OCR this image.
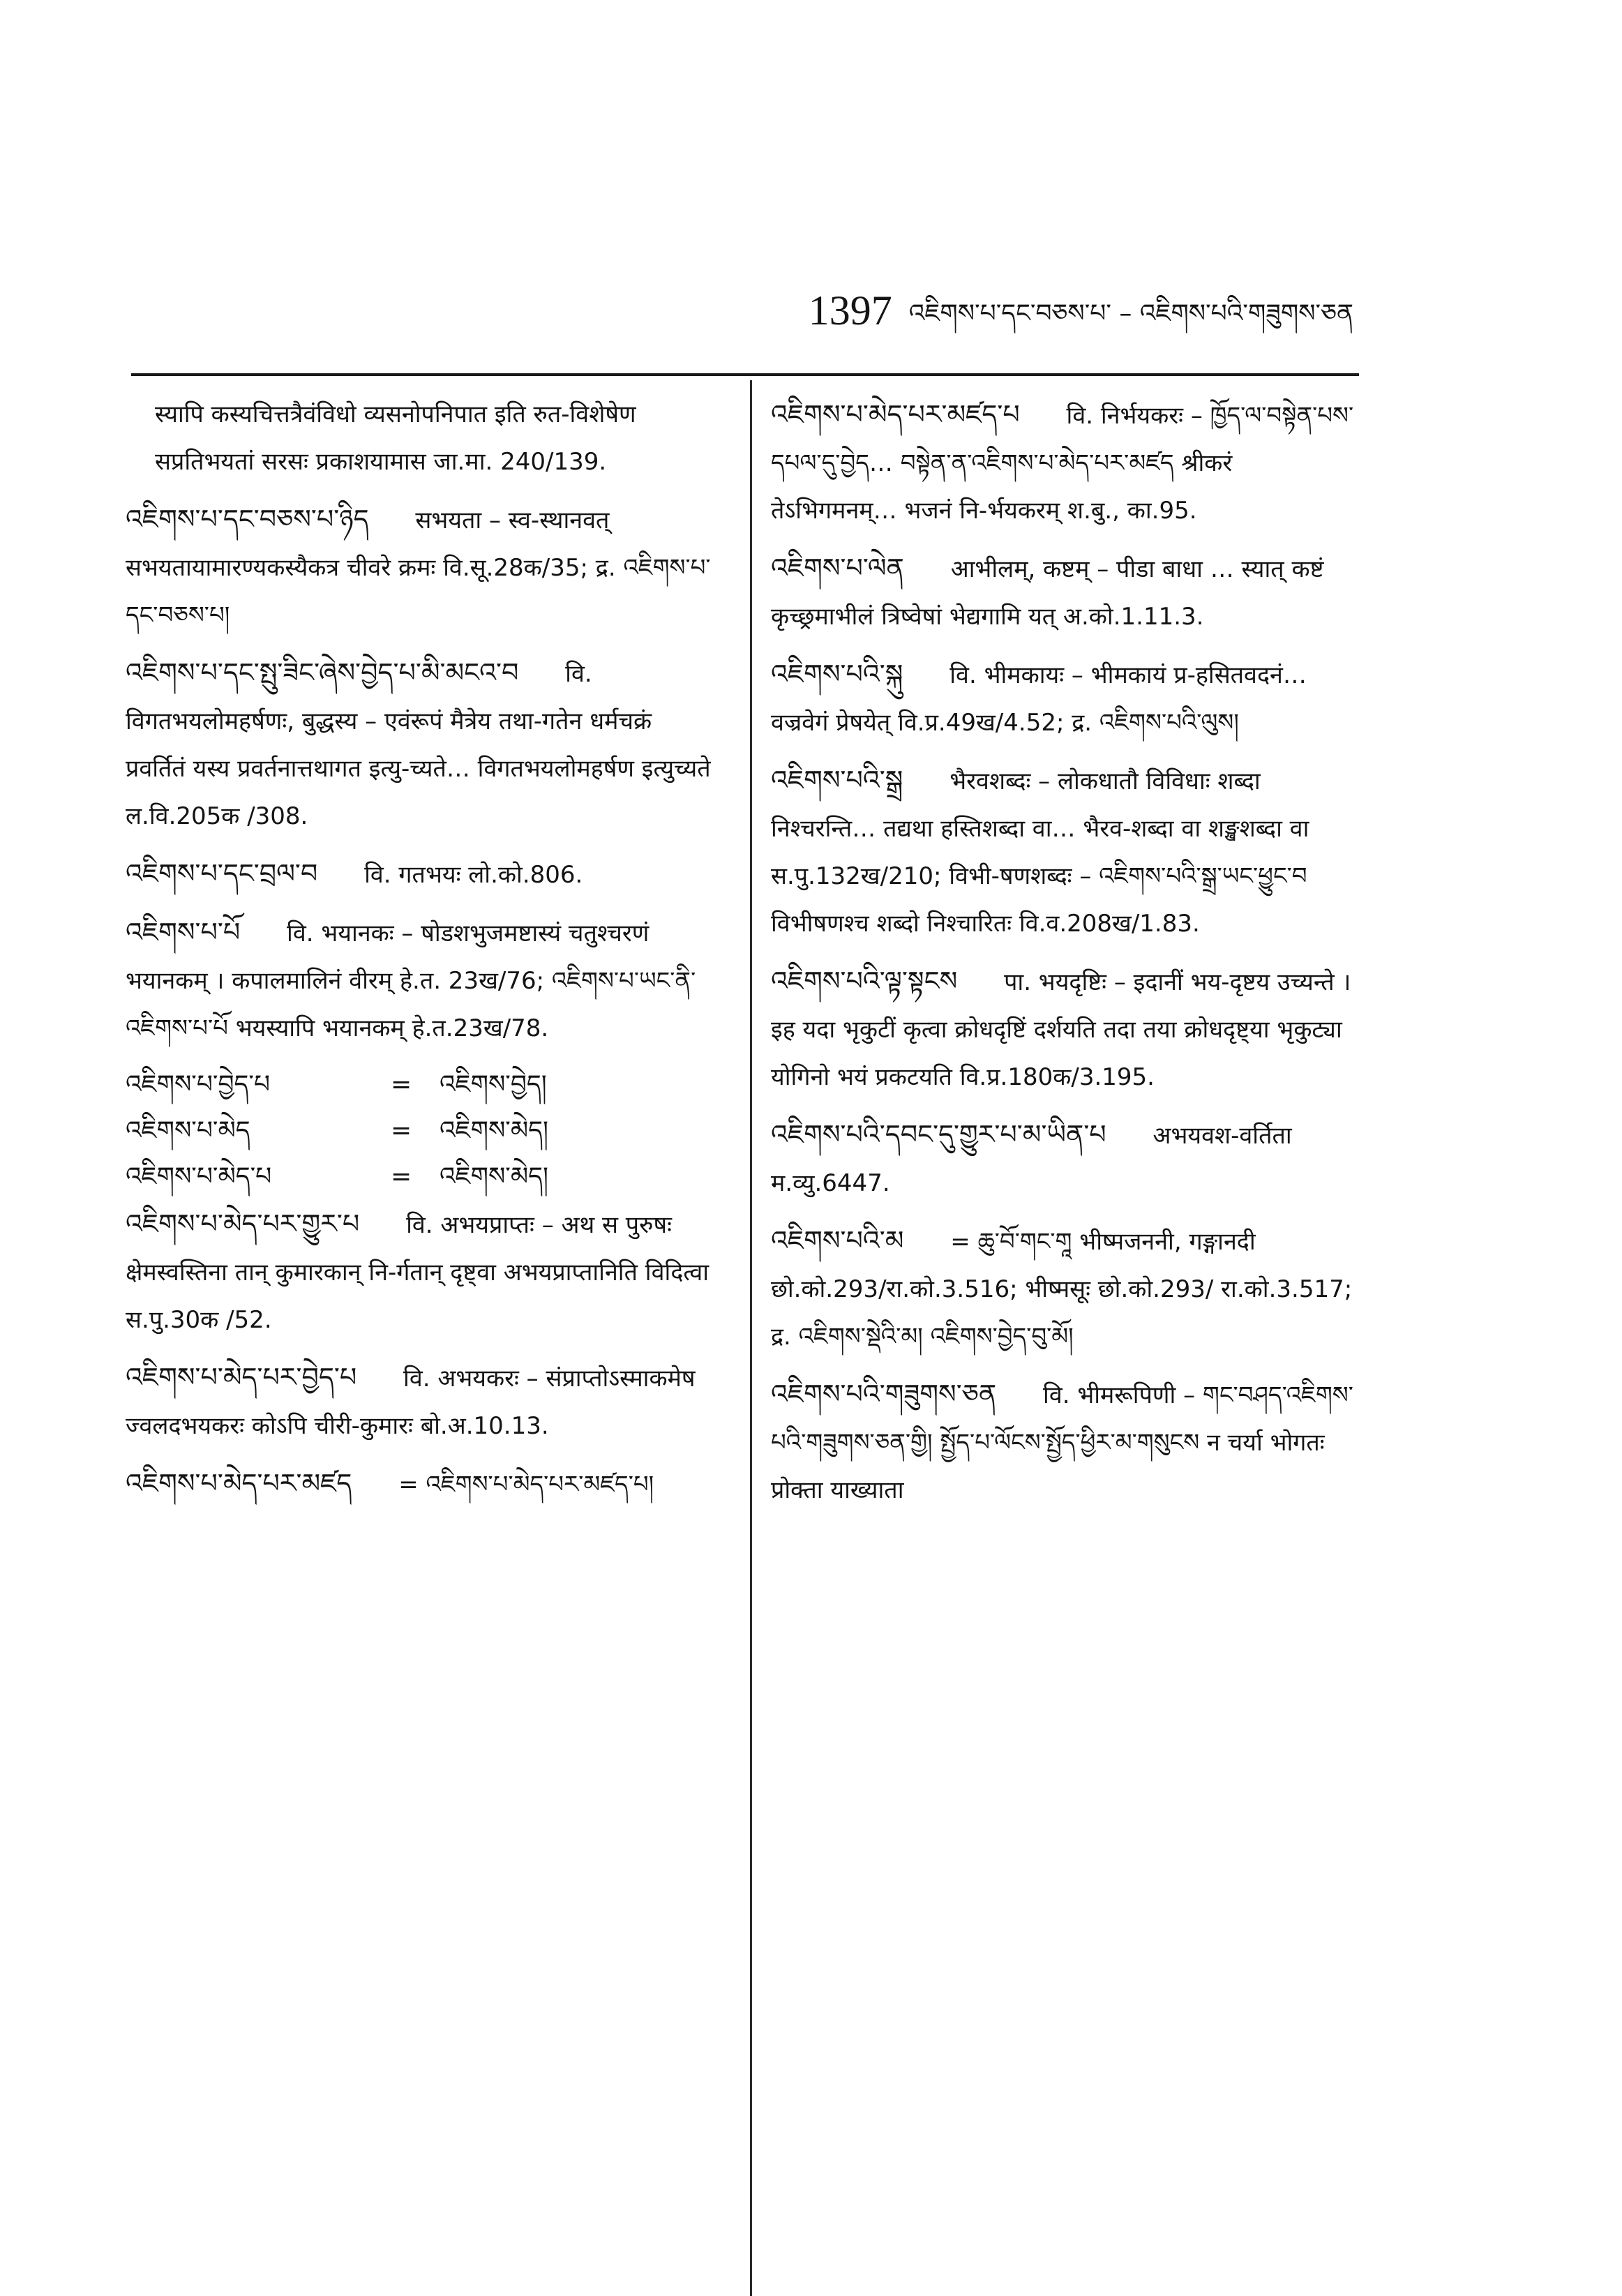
1397 འཇིགས་པ་དང་བཅས་པ་ – འཇིགས་པའི་གཟུགས་ཅན
स्यापि कस्यचित्तत्रैवंविधो व्यसनोपनिपात इति रुत-विशेषेण सप्रतिभयतां सरसः प्रकाशयामास जा.मा. 240/139.
འཇིགས་པ་དང་བཅས་པ་ཉིད सभयता – स्व-स्थानवत् सभयतायामारण्यकस्यैकत्र चीवरे क्रमः वि.सू.28क/35; द्र. འཇིགས་པ་དང་བཅས་པ།
འཇིགས་པ་དང་སྤུ་ཟིང་ཞེས་བྱེད་པ་མི་མངའ་བ वि. विगतभयलोमहर्षणः, बुद्धस्य – एवंरूपं मैत्रेय तथा-गतेन धर्मचक्रं प्रवर्तितं यस्य प्रवर्तनात्तथागत इत्यु-च्यते… विगतभयलोमहर्षण इत्युच्यते ल.वि.205क /308.
འཇིགས་པ་དང་བྲལ་བ वि. गतभयः लो.को.806.
འཇིགས་པ་པོ वि. भयानकः – षोडशभुजमष्टास्यं चतुश्चरणं भयानकम् । कपालमालिनं वीरम् हे.त. 23ख/76; འཇིགས་པ་ཡང་ནི་འཇིགས་པ་པོ भयस्यापि भयानकम् हे.त.23ख/78.
འཇིགས་པ་བྱེད་པ	=	འཇིགས་བྱེད།
འཇིགས་པ་མེད	=	འཇིགས་མེད།
འཇིགས་པ་མེད་པ	=	འཇིགས་མེད།
འཇིགས་པ་མེད་པར་གྱུར་པ वि. अभयप्राप्तः – अथ स पुरुषः क्षेमस्वस्तिना तान् कुमारकान् नि-र्गतान् दृष्ट्वा अभयप्राप्तानिति विदित्वा स.पु.30क /52.
འཇིགས་པ་མེད་པར་བྱེད་པ वि. अभयकरः – संप्राप्तोऽस्माकमेष ज्वलदभयकरः कोऽपि चीरी-कुमारः बो.अ.10.13.
འཇིགས་པ་མེད་པར་མཛད = འཇིགས་པ་མེད་པར་མཛད་པ།
འཇིགས་པ་མེད་པར་མཛད་པ वि. निर्भयकरः – ཁྱོད་ལ་བསྟེན་པས་དཔལ་དུ་བྱེད… བསྟེན་ན་འཇིགས་པ་མེད་པར་མཛད श्रीकरं तेऽभिगमनम्… भजनं नि-र्भयकरम् श.बु., का.95.
འཇིགས་པ་ལེན आभीलम्, कष्टम् – पीडा बाधा … स्यात् कष्टं कृच्छ्रमाभीलं त्रिष्वेषां भेद्यगामि यत् अ.को.1.11.3.
འཇིགས་པའི་སྐུ वि. भीमकायः – भीमकायं प्र-हसितवदनं… वज्रवेगं प्रेषयेत् वि.प्र.49ख/4.52; द्र. འཇིགས་པའི་ལུས།
འཇིགས་པའི་སྒྲ भैरवशब्दः – लोकधातौ विविधाः शब्दा निश्चरन्ति… तद्यथा हस्तिशब्दा वा… भैरव-शब्दा वा शङ्खशब्दा वा स.पु.132ख/210; विभी-षणशब्दः – འཇིགས་པའི་སྒྲ་ཡང་ཕྱུང་བ विभीषणश्च शब्दो निश्चारितः वि.व.208ख/1.83.
འཇིགས་པའི་ལྟ་སྟངས पा. भयदृष्टिः – इदानीं भय-दृष्टय उच्यन्ते । इह यदा भृकुटीं कृत्वा क्रोधदृष्टिं दर्शयति तदा तया क्रोधदृष्ट्या भृकुट्या योगिनो भयं प्रकटयति वि.प्र.180क/3.195.
འཇིགས་པའི་དབང་དུ་གྱུར་པ་མ་ཡིན་པ अभयवश-वर्तिता म.व्यु.6447.
འཇིགས་པའི་མ = ཆུ་བོ་གང་གཱ भीष्मजननी, गङ्गानदी छो.को.293/रा.को.3.516; भीष्मसूः छो.को.293/ रा.को.3.517; द्र. འཇིགས་སྡེའི་མ། འཇིགས་བྱེད་བུ་མོ།
འཇིགས་པའི་གཟུགས་ཅན वि. भीमरूपिणी – གང་བཤད་འཇིགས་པའི་གཟུགས་ཅན་གྱི། སྤྱོད་པ་ལོངས་སྤྱོད་ཕྱིར་མ་གསུངས न चर्या भोगतः प्रोक्ता याख्याता
